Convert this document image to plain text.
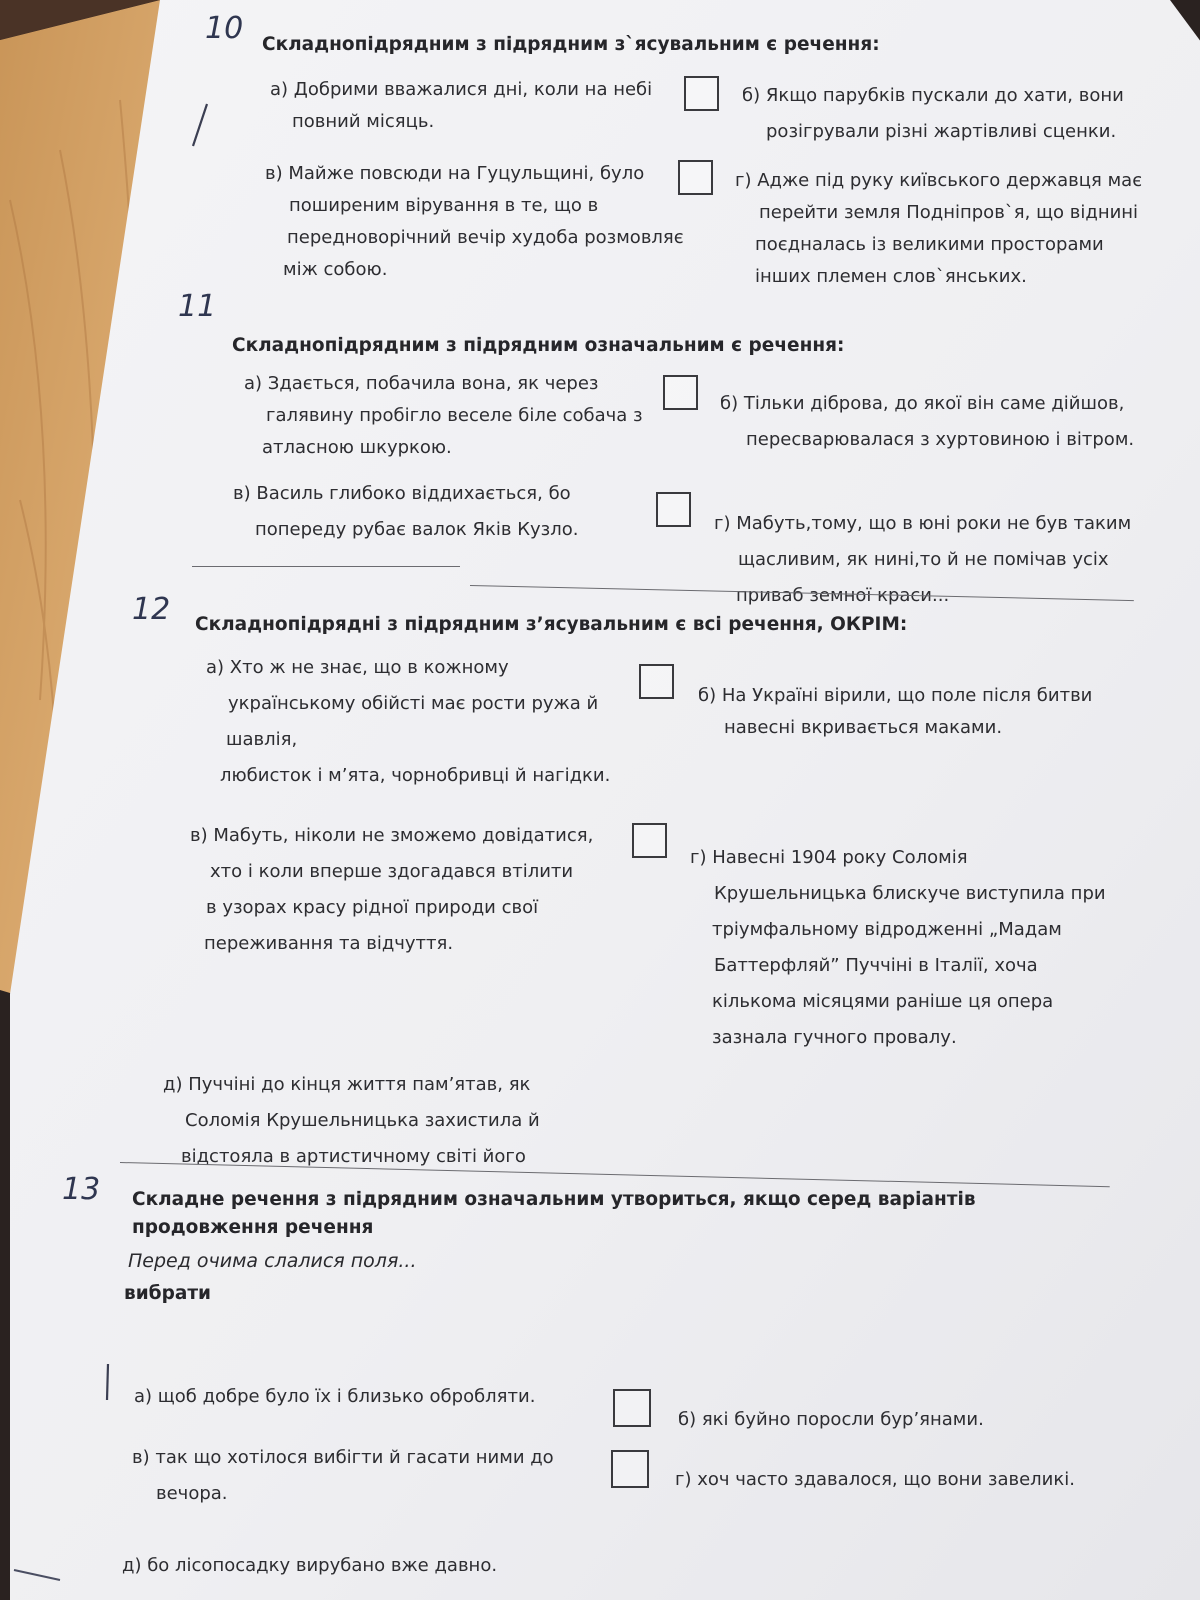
10 Складнопідрядним з підрядним з`ясувальним є речення:
а) Добрими вважалися дні, коли на небі
повний місяць.
б) Якщо парубків пускали до хати, вони
розігрували різні жартівливі сценки.
в) Майже повсюди на Гуцульщині, було
поширеним вірування в те, що в
передноворічний вечір худоба розмовляє
між собою.
г) Адже під руку київського державця має
перейти земля Подніпров`я, що віднині
поєдналась із великими просторами
інших племен слов`янських.
11
Складнопідрядним з підрядним означальним є речення:
а) Здається, побачила вона, як через
галявину пробігло веселе біле собача з
атласною шкуркою.
б) Тільки діброва, до якої він саме дійшов,
пересварювалася з хуртовиною і вітром.
в) Василь глибоко віддихається, бо
попереду рубає валок Яків Кузло.	г) Мабуть,тому, що в юні роки не був таким
щасливим, як нині,то й не помічав усіх
приваб земної краси...
12 Складнопідрядні з підрядним з’ясувальним є всі речення, ОКРІМ:
а) Хто ж не знає, що в кожному
українському обійсті має рости ружа й
шавлія,
любисток і м’ята, чорнобривці й нагідки.
б) На Україні вірили, що поле після битви
навесні вкривається маками.
в) Мабуть, ніколи не зможемо довідатися,
хто і коли вперше здогадався втілити
в узорах красу рідної природи свої
переживання та відчуття.
г) Навесні 1904 року Соломія
Крушельницька блискуче виступила при
тріумфальному відродженні „Мадам
Баттерфляй” Пуччіні в Італії, хоча
кількома місяцями раніше ця опера
зазнала гучного провалу.
д) Пуччіні до кінця життя пам’ятав, як
Соломія Крушельницька захистила й
відстояла в артистичному світі його
13 Складне речення з підрядним означальним утвориться, якщо серед варіантів
продовження речення
Перед очима слалися поля...
вибрати
а) щоб добре було їх і близько обробляти.
б) які буйно поросли бур’янами.
в) так що хотілося вибігти й гасати ними до
вечора.
г) хоч часто здавалося, що вони завеликі.
д) бо лісопосадку вирубано вже давно.
